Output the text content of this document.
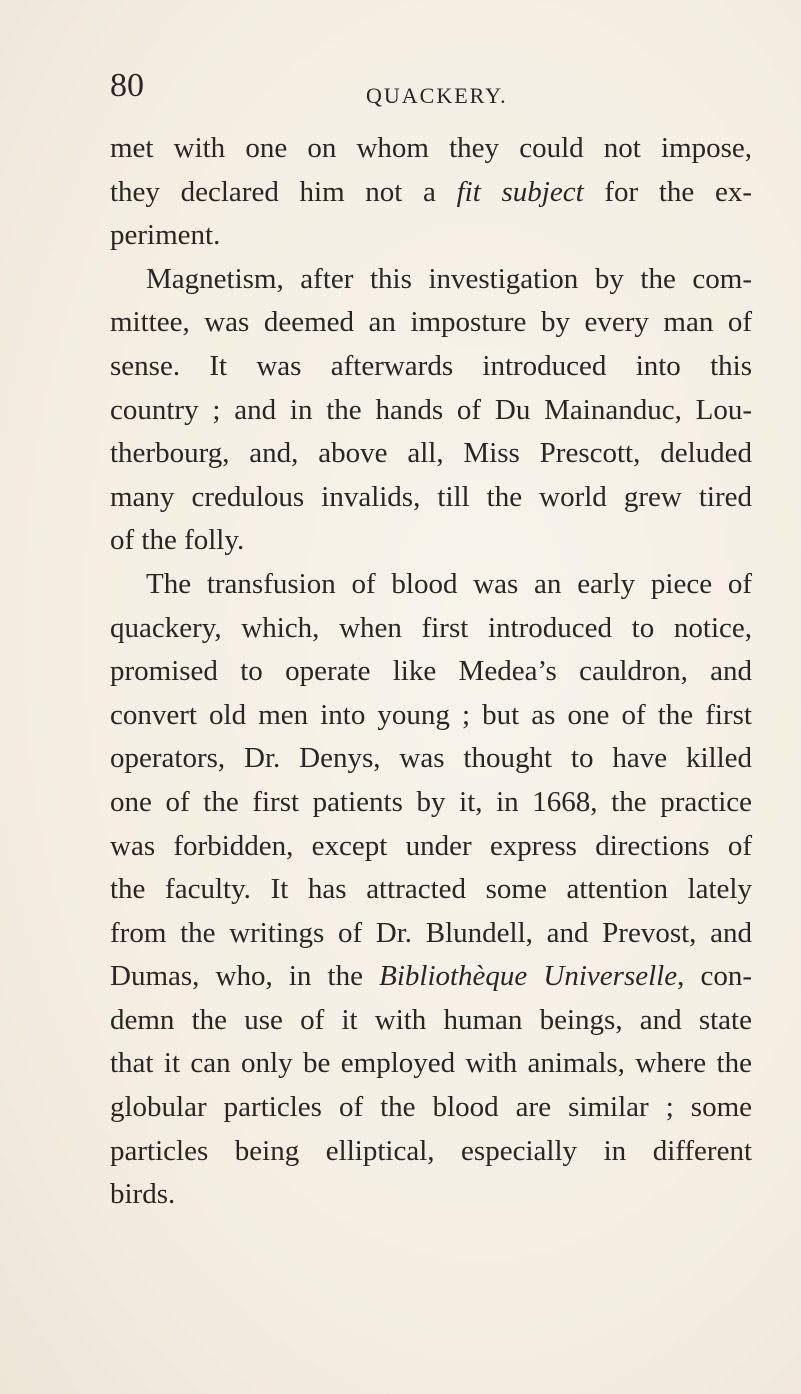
80	QUACKERY.
met with one on whom they could not impose,
they declared him not a fit subject for the ex-
periment.
Magnetism, after this investigation by the com-
mittee, was deemed an imposture by every man of
sense. It was afterwards introduced into this
country ; and in the hands of Du Mainanduc, Lou-
therbourg, and, above all, Miss Prescott, deluded
many credulous invalids, till the world grew tired
of the folly.
The transfusion of blood was an early piece of
quackery, which, when first introduced to notice,
promised to operate like Medea’s cauldron, and
convert old men into young ; but as one of the first
operators, Dr. Denys, was thought to have killed
one of the first patients by it, in 1668, the practice
was forbidden, except under express directions of
the faculty. It has attracted some attention lately
from the writings of Dr. Blundell, and Prevost, and
Dumas, who, in the Bibliothèque Universelle, con-
demn the use of it with human beings, and state
that it can only be employed with animals, where the
globular particles of the blood are similar ; some
particles being elliptical, especially in different
birds.
